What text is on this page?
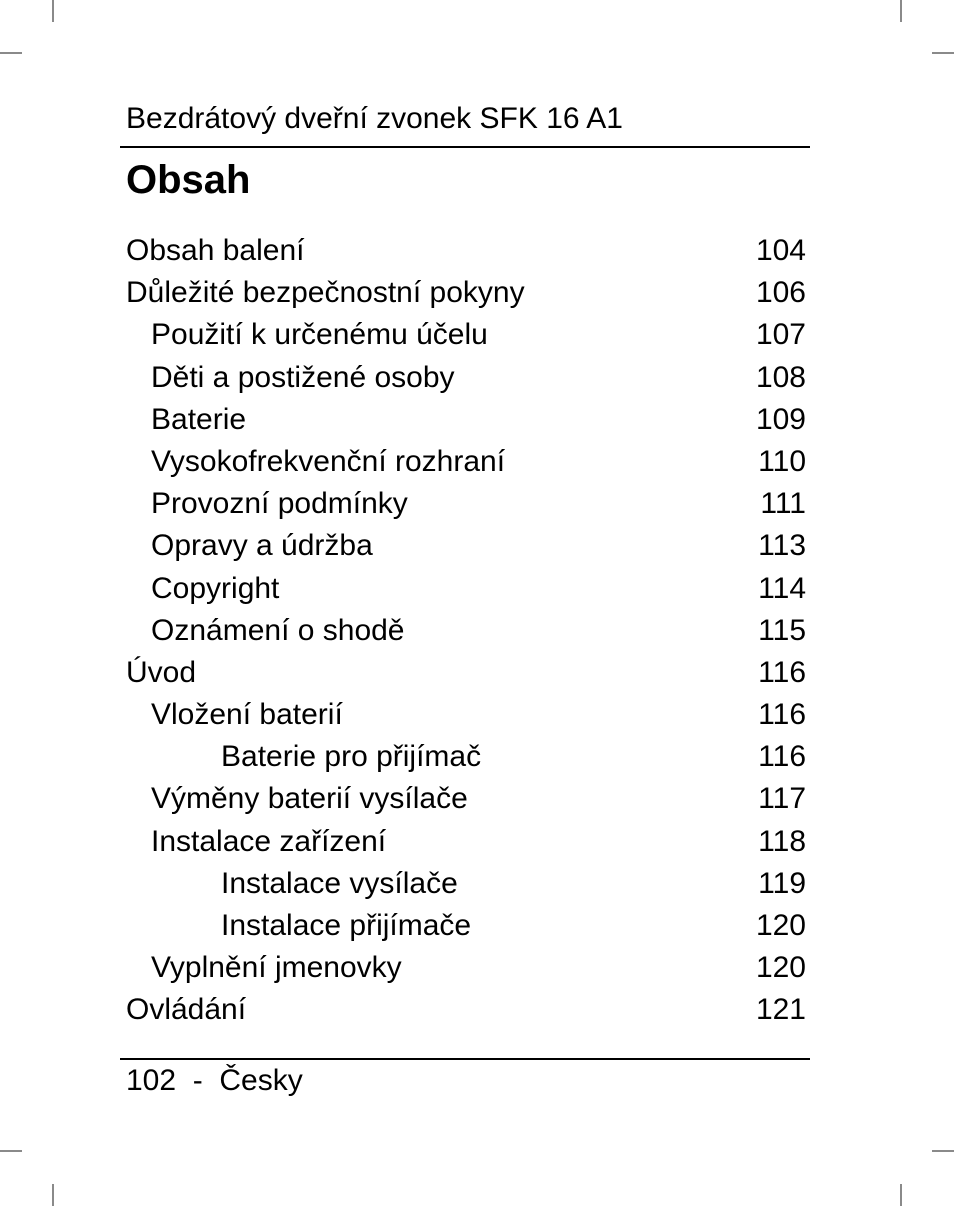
Bezdrátový dveřní zvonek SFK 16 A1
Obsah
Obsah balení	104
Důležité bezpečnostní pokyny	106
Použití k určenému účelu	107
Děti a postižené osoby	108
Baterie	109
Vysokofrekvenční rozhraní	110
Provozní podmínky	111
Opravy a údržba	113
Copyright	114
Oznámení o shodě	115
Úvod	116
Vložení baterií	116
Baterie pro přijímač	116
Výměny baterií vysílače	117
Instalace zařízení	118
Instalace vysílače	119
Instalace přijímače	120
Vyplnění jmenovky	120
Ovládání	121
102  -  Česky
